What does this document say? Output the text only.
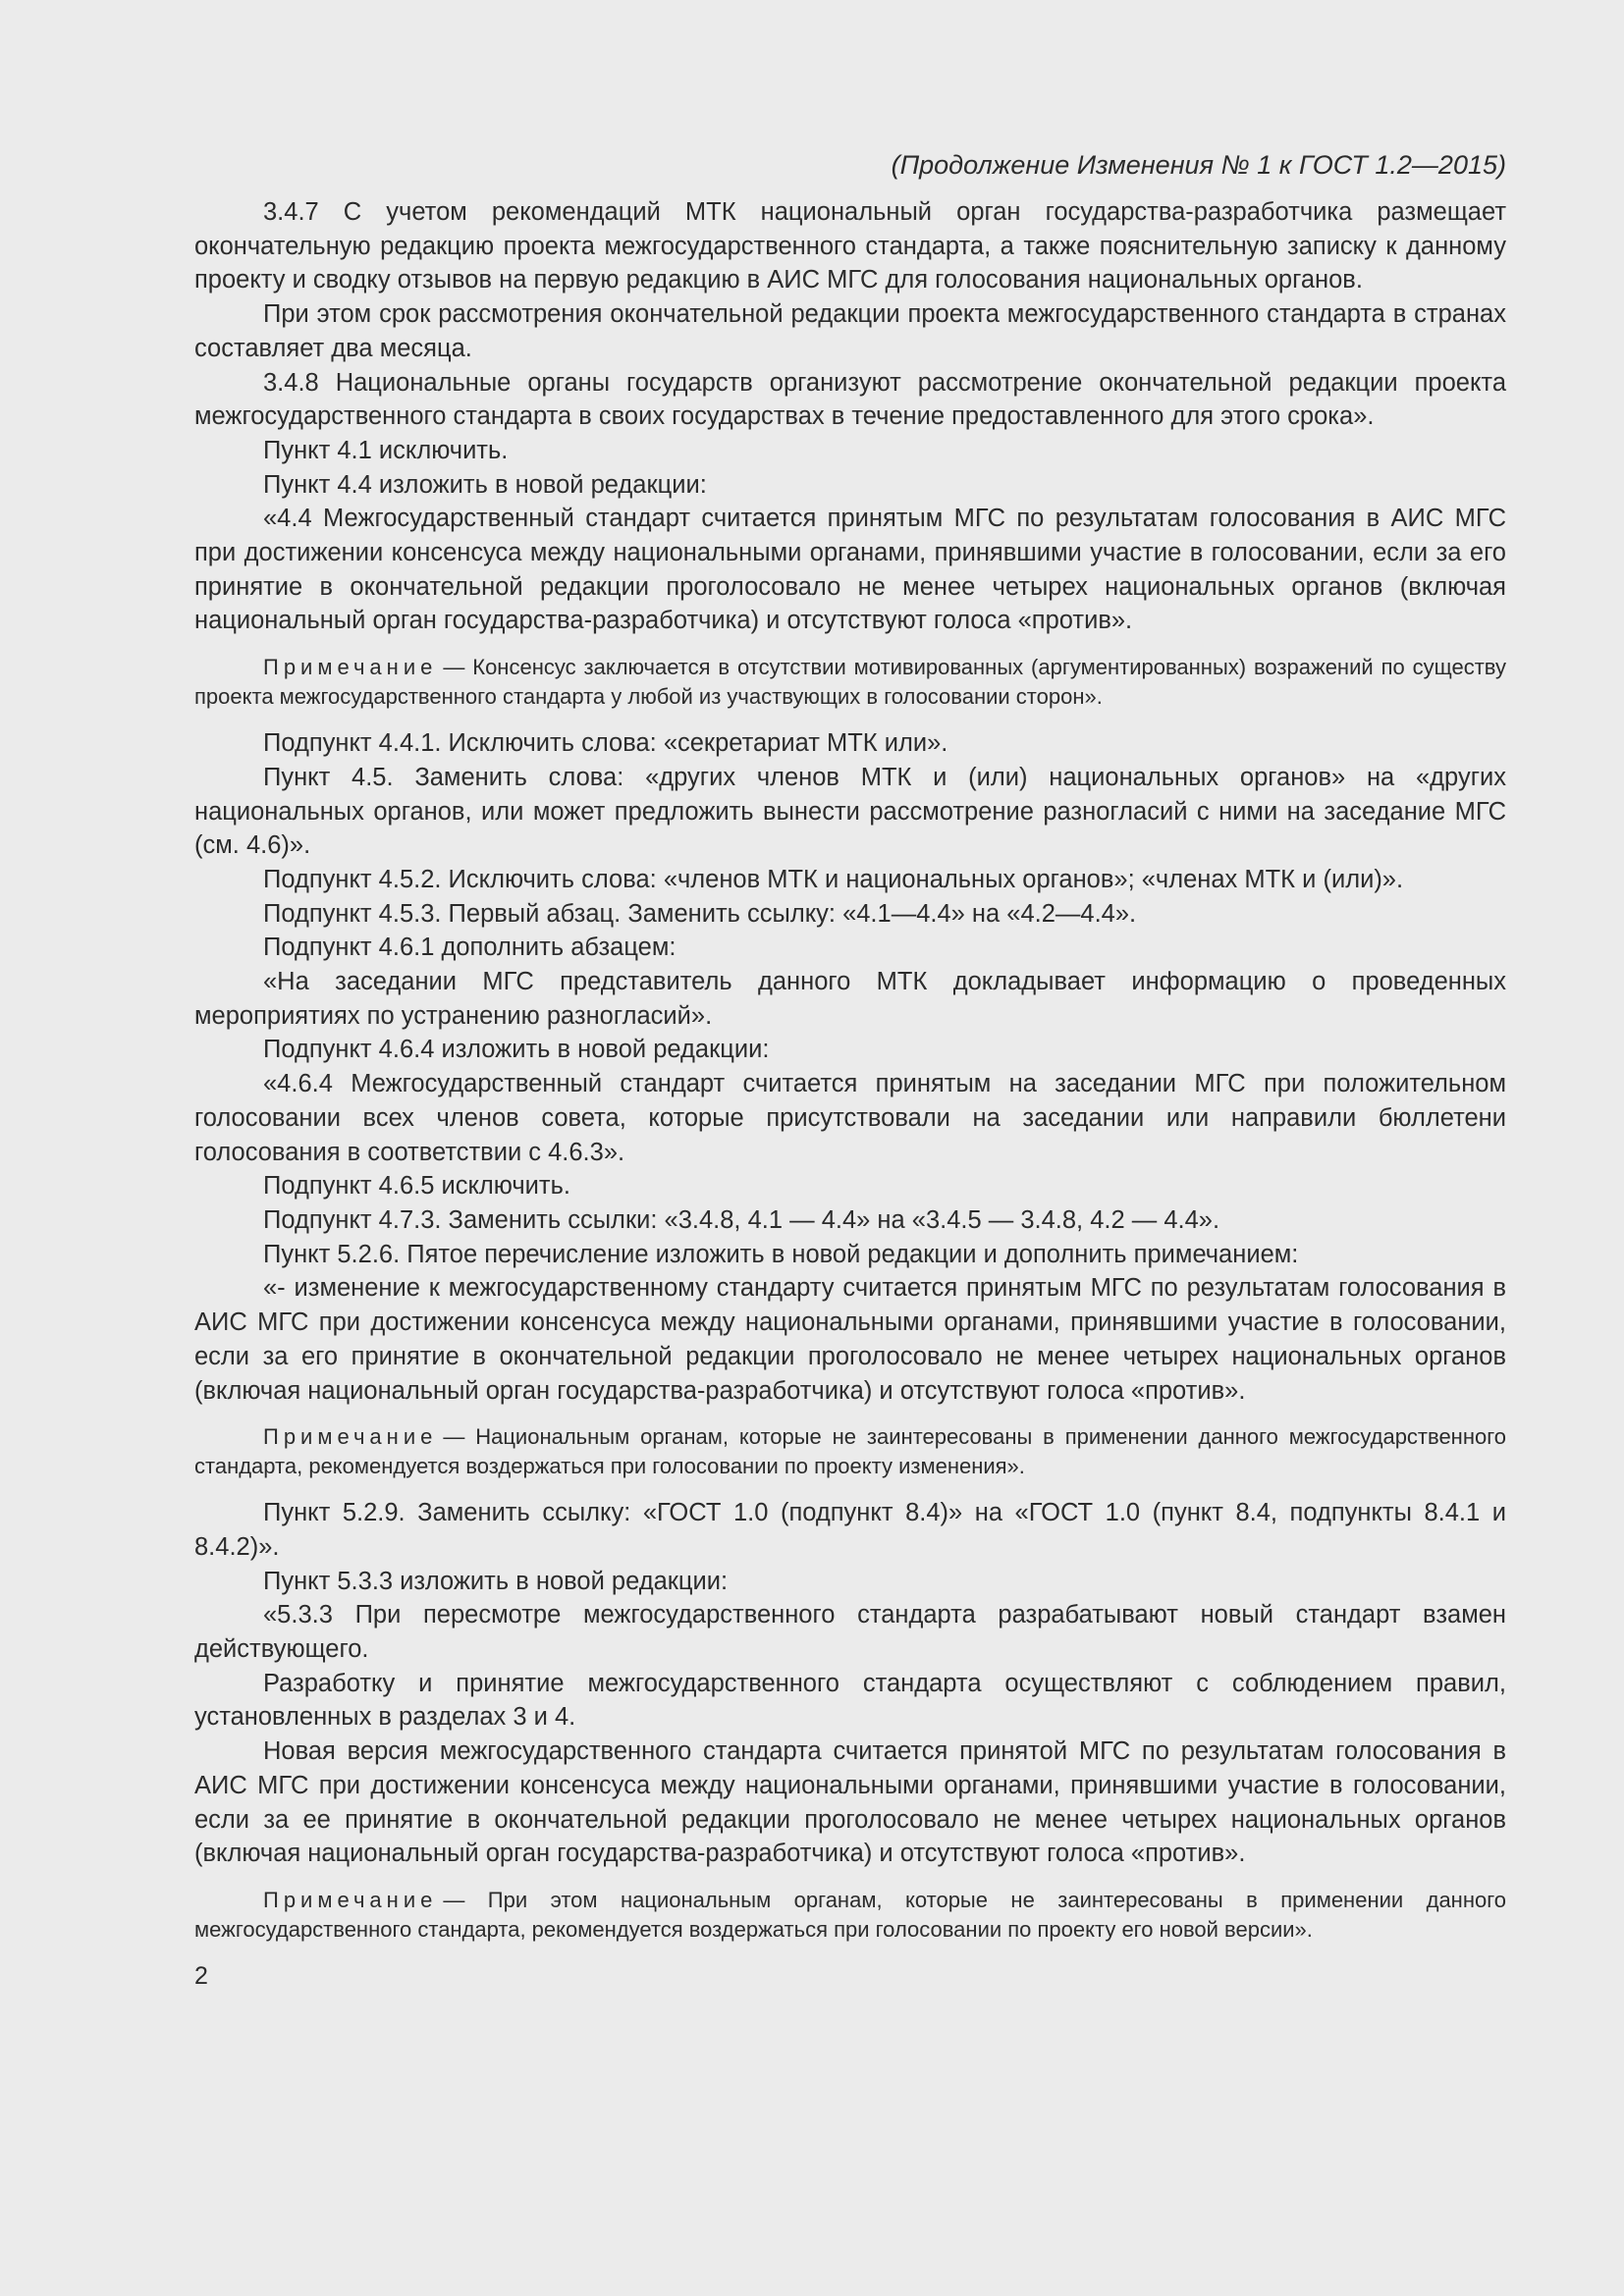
(Продолжение Изменения № 1 к ГОСТ 1.2—2015)

3.4.7 С учетом рекомендаций МТК национальный орган государства-разработчика размещает окончательную редакцию проекта межгосударственного стандарта, а также пояснительную записку к данному проекту и сводку отзывов на первую редакцию в АИС МГС для голосования национальных органов.

При этом срок рассмотрения окончательной редакции проекта межгосударственного стандарта в странах составляет два месяца.

3.4.8 Национальные органы государств организуют рассмотрение окончательной редакции проекта межгосударственного стандарта в своих государствах в течение предоставленного для этого срока».

Пункт 4.1 исключить.

Пункт 4.4 изложить в новой редакции:

«4.4 Межгосударственный стандарт считается принятым МГС по результатам голосования в АИС МГС при достижении консенсуса между национальными органами, принявшими участие в голосовании, если за его принятие в окончательной редакции проголосовало не менее четырех национальных органов (включая национальный орган государства-разработчика) и отсутствуют голоса «против».

Примечание — Консенсус заключается в отсутствии мотивированных (аргументированных) возражений по существу проекта межгосударственного стандарта у любой из участвующих в голосовании сторон».

Подпункт 4.4.1. Исключить слова: «секретариат МТК или».

Пункт 4.5. Заменить слова: «других членов МТК и (или) национальных органов» на «других национальных органов, или может предложить вынести рассмотрение разногласий с ними на заседание МГС (см. 4.6)».

Подпункт 4.5.2. Исключить слова: «членов МТК и национальных органов»; «членах МТК и (или)».

Подпункт 4.5.3. Первый абзац. Заменить ссылку: «4.1—4.4» на «4.2—4.4».

Подпункт 4.6.1 дополнить абзацем:

«На заседании МГС представитель данного МТК докладывает информацию о проведенных мероприятиях по устранению разногласий».

Подпункт 4.6.4 изложить в новой редакции:

«4.6.4 Межгосударственный стандарт считается принятым на заседании МГС при положительном голосовании всех членов совета, которые присутствовали на заседании или направили бюллетени голосования в соответствии с 4.6.3».

Подпункт 4.6.5 исключить.

Подпункт 4.7.3. Заменить ссылки: «3.4.8, 4.1 — 4.4» на «3.4.5 — 3.4.8, 4.2 — 4.4».

Пункт 5.2.6. Пятое перечисление изложить в новой редакции и дополнить примечанием:

«- изменение к межгосударственному стандарту считается принятым МГС по результатам голосования в АИС МГС при достижении консенсуса между национальными органами, принявшими участие в голосовании, если за его принятие в окончательной редакции проголосовало не менее четырех национальных органов (включая национальный орган государства-разработчика) и отсутствуют голоса «против».

Примечание — Национальным органам, которые не заинтересованы в применении данного межгосударственного стандарта, рекомендуется воздержаться при голосовании по проекту изменения».

Пункт 5.2.9. Заменить ссылку: «ГОСТ 1.0 (подпункт 8.4)» на «ГОСТ 1.0 (пункт 8.4, подпункты 8.4.1 и 8.4.2)».

Пункт 5.3.3 изложить в новой редакции:

«5.3.3 При пересмотре межгосударственного стандарта разрабатывают новый стандарт взамен действующего.

Разработку и принятие межгосударственного стандарта осуществляют с соблюдением правил, установленных в разделах 3 и 4.

Новая версия межгосударственного стандарта считается принятой МГС по результатам голосования в АИС МГС при достижении консенсуса между национальными органами, принявшими участие в голосовании, если за ее принятие в окончательной редакции проголосовало не менее четырех национальных органов (включая национальный орган государства-разработчика) и отсутствуют голоса «против».

Примечание — При этом национальным органам, которые не заинтересованы в применении данного межгосударственного стандарта, рекомендуется воздержаться при голосовании по проекту его новой версии».

2
